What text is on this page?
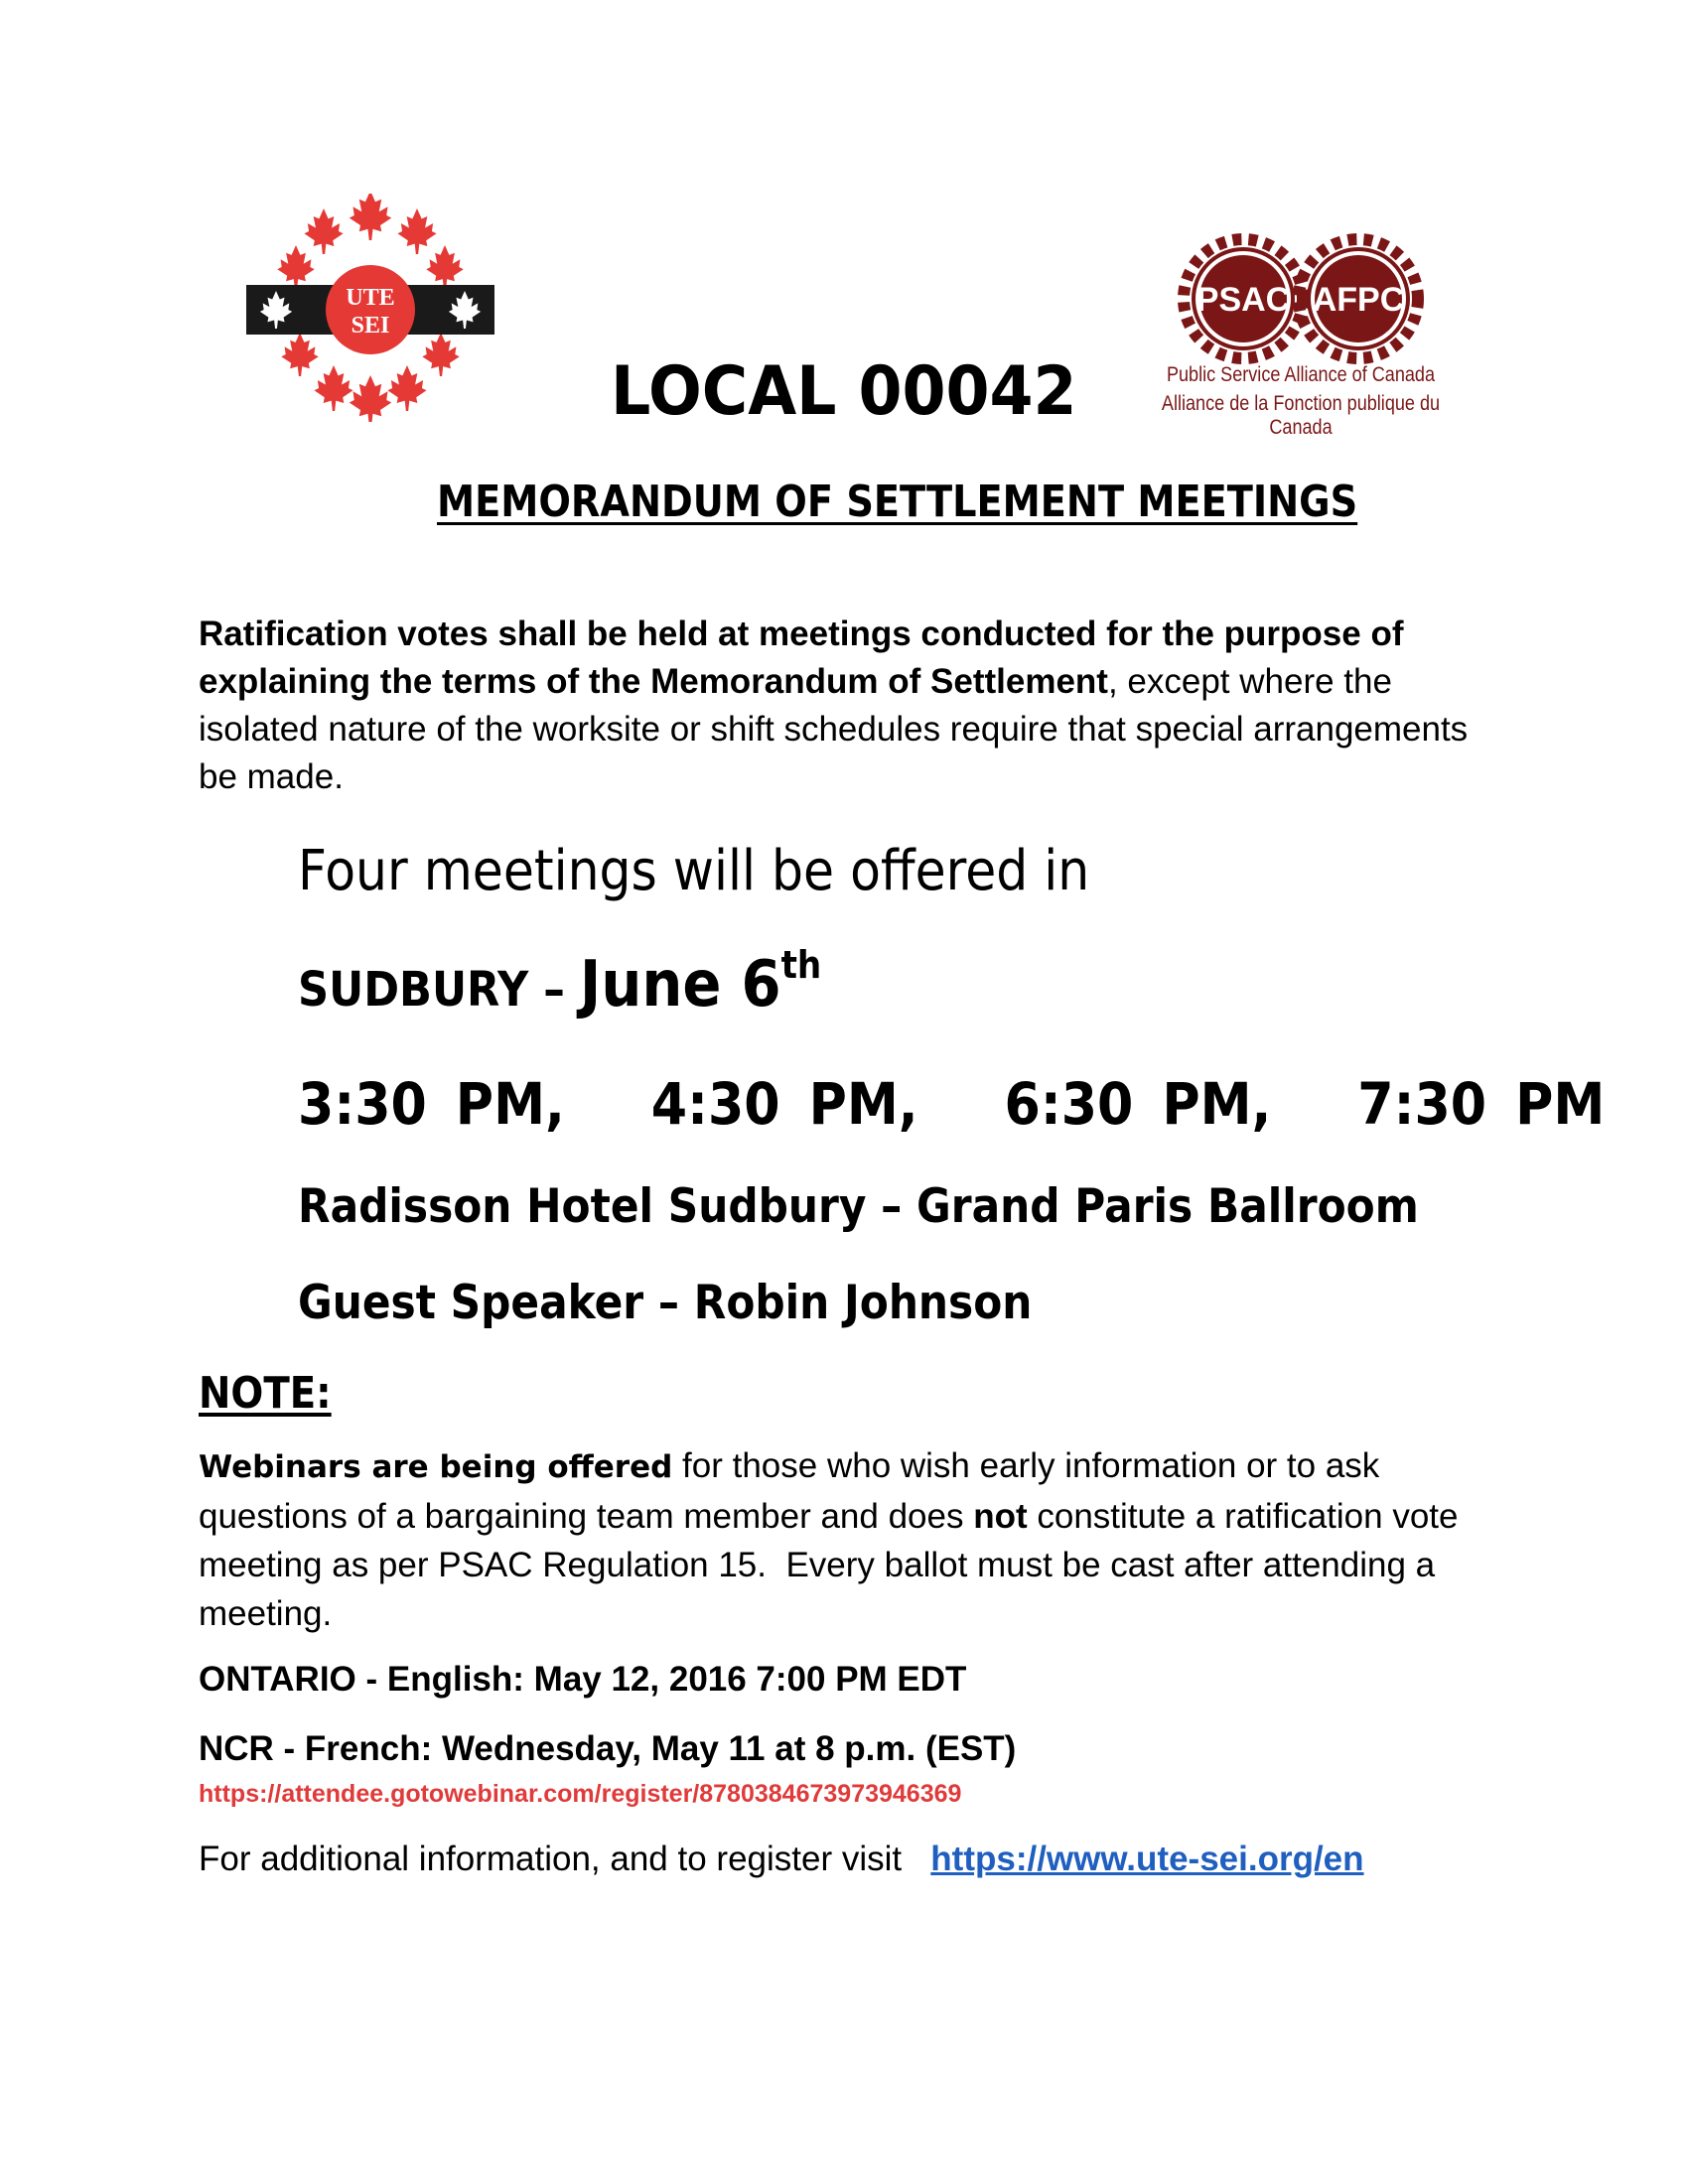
UTE
SEI
PSAC AFPC
Public Service Alliance of Canada
Alliance de la Fonction publique du Canada
LOCAL 00042
MEMORANDUM OF SETTLEMENT MEETINGS
Ratification votes shall be held at meetings conducted for the purpose of explaining the terms of the Memorandum of Settlement, except where the isolated nature of the worksite or shift schedules require that special arrangements be made.
Four meetings will be offered in
SUDBURY – June 6th
3:30 PM,   4:30 PM,   6:30 PM,   7:30 PM
Radisson Hotel Sudbury – Grand Paris Ballroom
Guest Speaker – Robin Johnson
NOTE:
Webinars are being offered for those who wish early information or to ask questions of a bargaining team member and does not constitute a ratification vote meeting as per PSAC Regulation 15.  Every ballot must be cast after attending a meeting.
ONTARIO - English: May 12, 2016 7:00 PM EDT
NCR - French: Wednesday, May 11 at 8 p.m. (EST)
https://attendee.gotowebinar.com/register/8780384673973946369
For additional information, and to register visit   https://www.ute-sei.org/en
